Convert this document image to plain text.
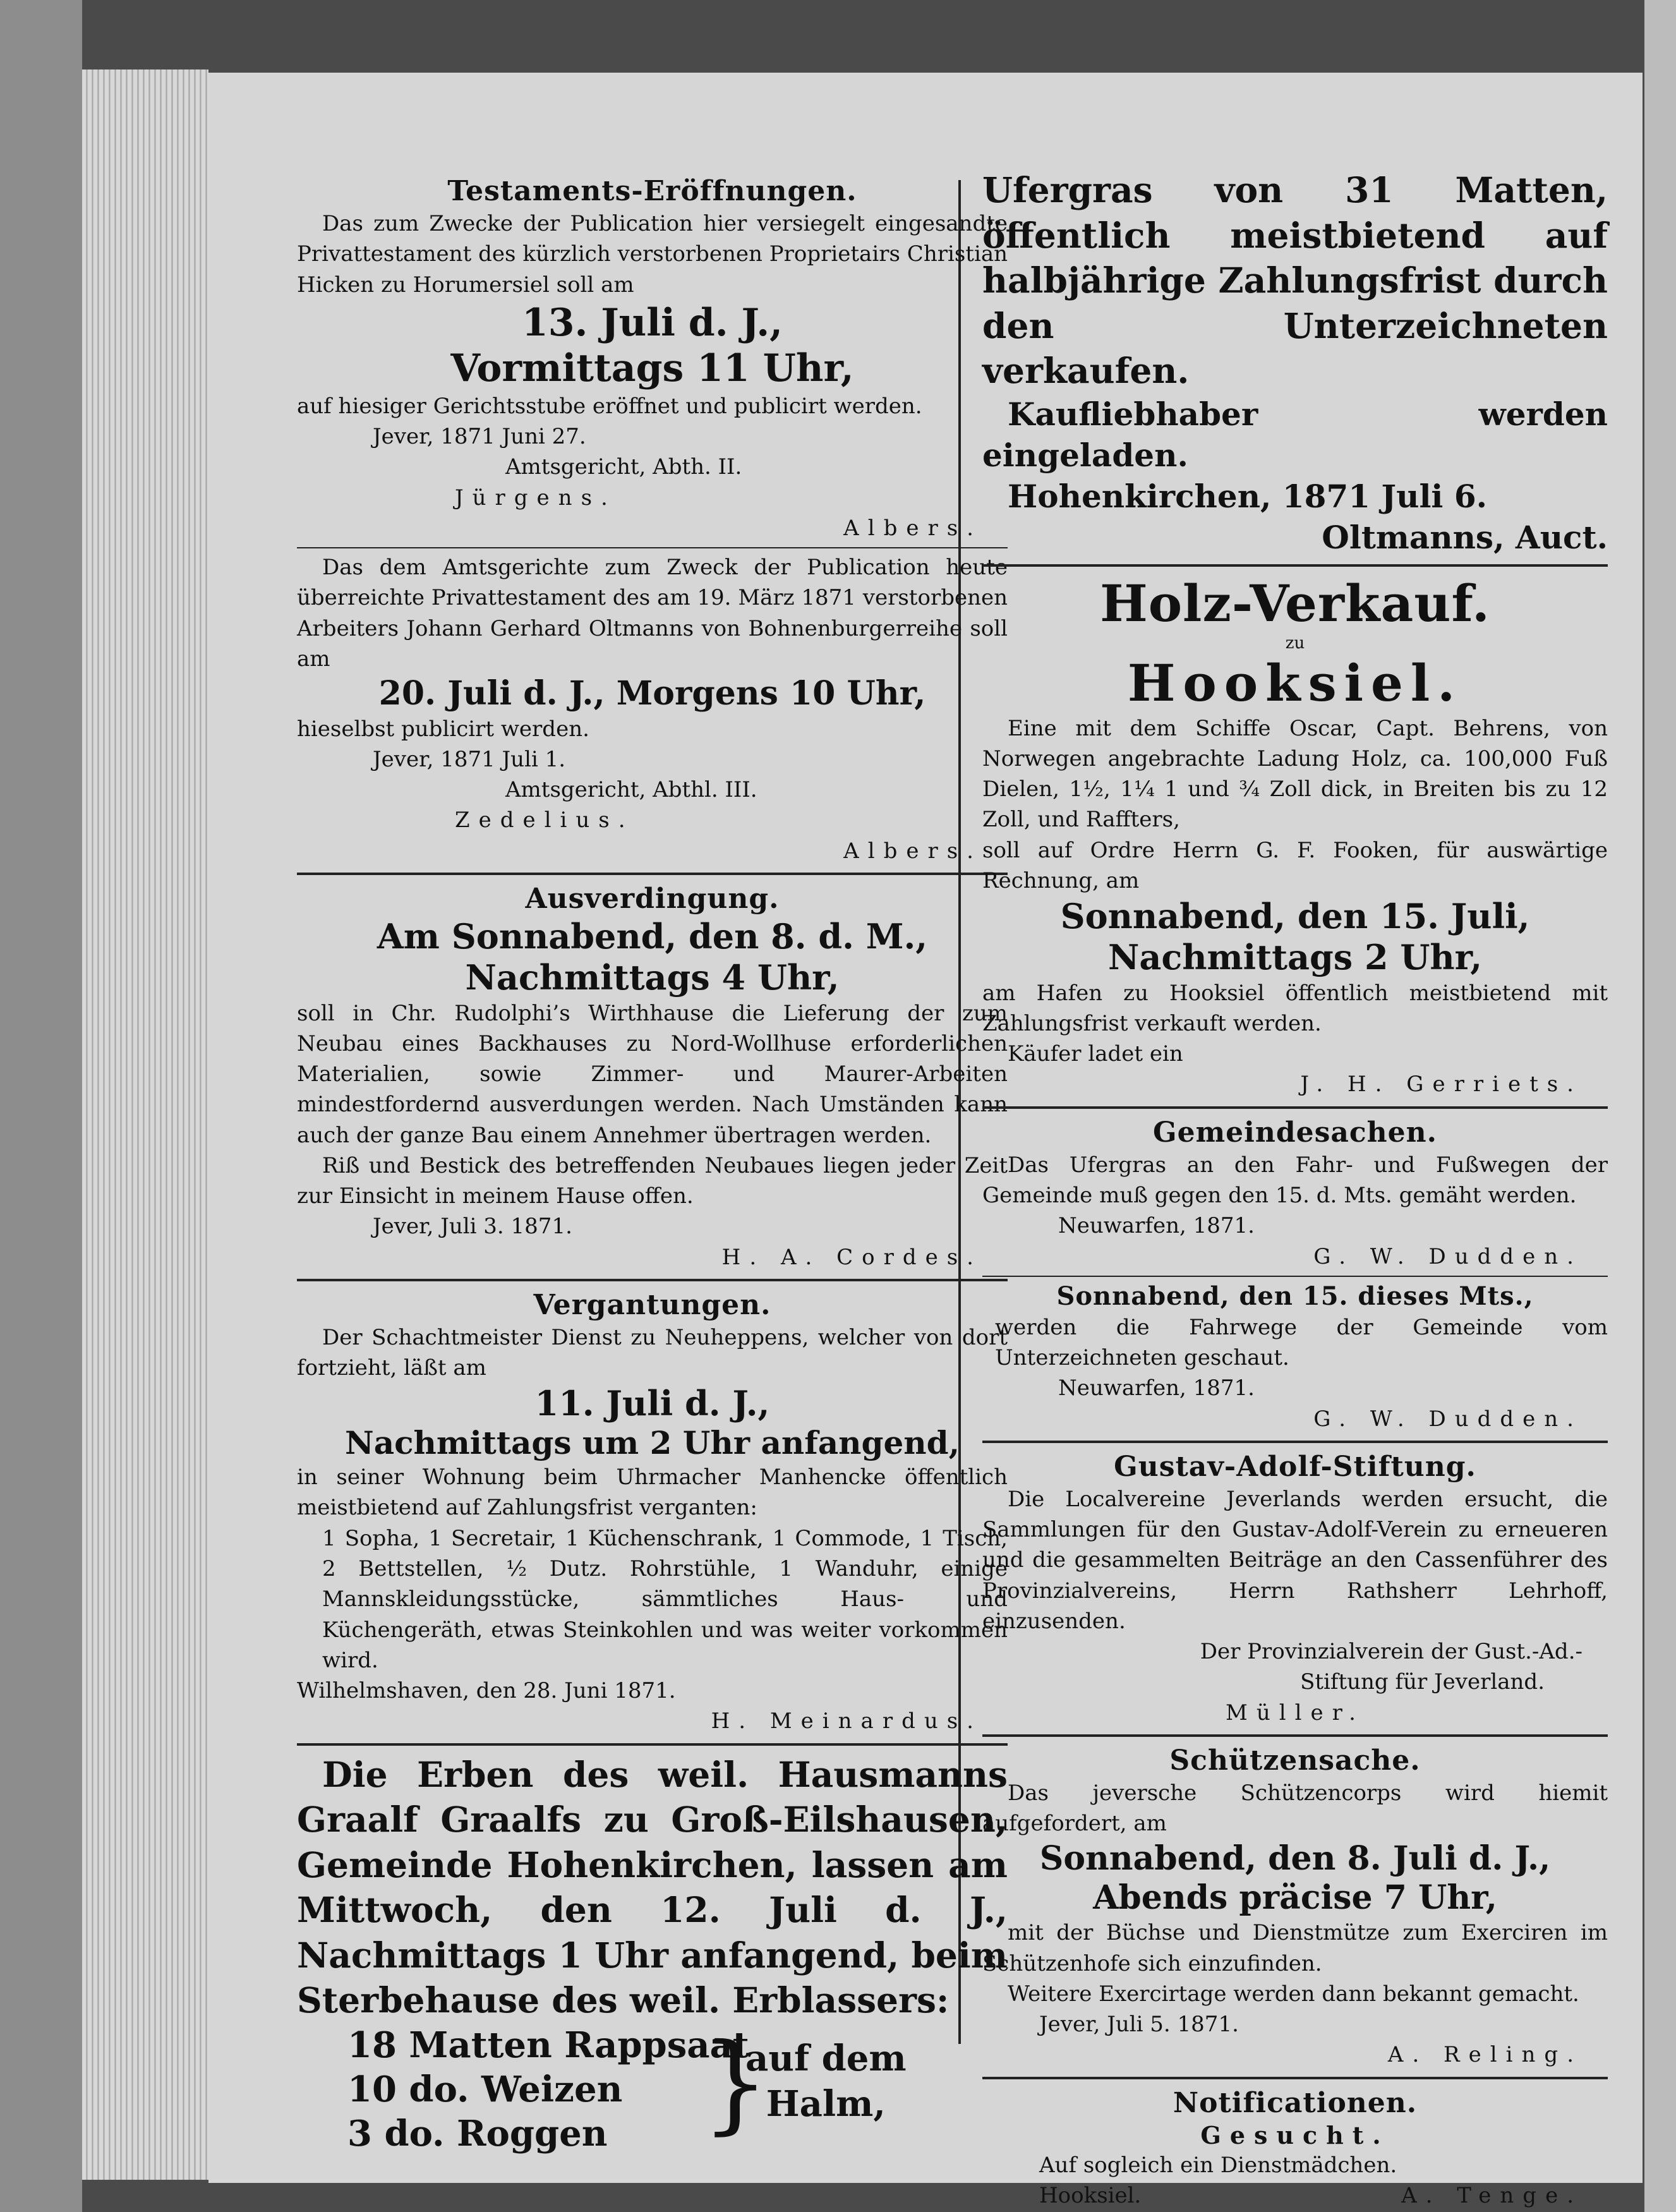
Testaments-Eröffnungen.

Das zum Zwecke der Publication hier versiegelt eingesandte Privattestament des kürzlich verstorbenen Proprietairs Christian Hicken zu Horumersiel soll am

13. Juli d. J.,

Vormittags 11 Uhr,

auf hiesiger Gerichtsstube eröffnet und publicirt werden.

Jever, 1871 Juni 27.

Amtsgericht, Abth. II.

Jürgens.

Albers.

Das dem Amtsgerichte zum Zweck der Publication heute überreichte Privattestament des am 19. März 1871 verstorbenen Arbeiters Johann Gerhard Oltmanns von Bohnenburgerreihe soll am

20. Juli d. J., Morgens 10 Uhr,

hieselbst publicirt werden.

Jever, 1871 Juli 1.

Amtsgericht, Abthl. III.

Zedelius.

Albers.

Ausverdingung.

Am Sonnabend, den 8. d. M.,

Nachmittags 4 Uhr,

soll in Chr. Rudolphi’s Wirthhause die Lieferung der zum Neubau eines Backhauses zu Nord-Wollhuse erforderlichen Materialien, sowie Zimmer- und Maurer-Arbeiten mindestfordernd ausverdungen werden. Nach Umständen kann auch der ganze Bau einem Annehmer übertragen werden.

Riß und Bestick des betreffenden Neubaues liegen jeder Zeit zur Einsicht in meinem Hause offen.

Jever, Juli 3. 1871.

H. A. Cordes.

Vergantungen.

Der Schachtmeister Dienst zu Neuheppens, welcher von dort fortzieht, läßt am

11. Juli d. J.,

Nachmittags um 2 Uhr anfangend,

in seiner Wohnung beim Uhrmacher Manhencke öffentlich meistbietend auf Zahlungsfrist verganten:

1 Sopha, 1 Secretair, 1 Küchenschrank, 1 Commode, 1 Tisch, 2 Bettstellen, ½ Dutz. Rohrstühle, 1 Wanduhr, einige Mannskleidungsstücke, sämmtliches Haus- und Küchengeräth, etwas Steinkohlen und was weiter vorkommen wird.

Wilhelmshaven, den 28. Juni 1871.

H. Meinardus.

Die Erben des weil. Hausmanns Graalf Graalfs zu Groß-Eilshausen, Gemeinde Hohenkirchen, lassen am Mittwoch, den 12. Juli d. J., Nachmittags 1 Uhr anfangend, beim Sterbehause des weil. Erblassers:

18 Matten Rappsaat
10 do. Weizen
3 do. Roggen }
auf dem
Halm,

Ufergras von 31 Matten, öffentlich meistbietend auf halbjährige Zahlungsfrist durch den Unterzeichneten verkaufen.

Kaufliebhaber werden eingeladen.

Hohenkirchen, 1871 Juli 6.

Oltmanns, Auct.

Holz-Verkauf.

zu

Hooksiel.

Eine mit dem Schiffe Oscar, Capt. Behrens, von Norwegen angebrachte Ladung Holz, ca. 100,000 Fuß Dielen, 1½, 1¼ 1 und ¾ Zoll dick, in Breiten bis zu 12 Zoll, und Raffters,

soll auf Ordre Herrn G. F. Fooken, für auswärtige Rechnung, am

Sonnabend, den 15. Juli,

Nachmittags 2 Uhr,

am Hafen zu Hooksiel öffentlich meistbietend mit Zahlungsfrist verkauft werden.

Käufer ladet ein

J. H. Gerriets.

Gemeindesachen.

Das Ufergras an den Fahr- und Fußwegen der Gemeinde muß gegen den 15. d. Mts. gemäht werden.

Neuwarfen, 1871.

G. W. Dudden.

Sonnabend, den 15. dieses Mts.,

werden die Fahrwege der Gemeinde vom Unterzeichneten geschaut.

Neuwarfen, 1871.

G. W. Dudden.

Gustav-Adolf-Stiftung.

Die Localvereine Jeverlands werden ersucht, die Sammlungen für den Gustav-Adolf-Verein zu erneueren und die gesammelten Beiträge an den Cassenführer des Provinzialvereins, Herrn Rathsherr Lehrhoff, einzusenden.

Der Provinzialverein der Gust.-Ad.-

Stiftung für Jeverland.

Müller.

Schützensache.

Das jeversche Schützencorps wird hiemit aufgefordert, am

Sonnabend, den 8. Juli d. J.,

Abends präcise 7 Uhr,

mit der Büchse und Dienstmütze zum Exerciren im Schützenhofe sich einzufinden.

Weitere Exercirtage werden dann bekannt gemacht.

Jever, Juli 5. 1871.

A. Reling.

Notificationen.

Gesucht.

Auf sogleich ein Dienstmädchen.

Hooksiel.	A. Tenge.
